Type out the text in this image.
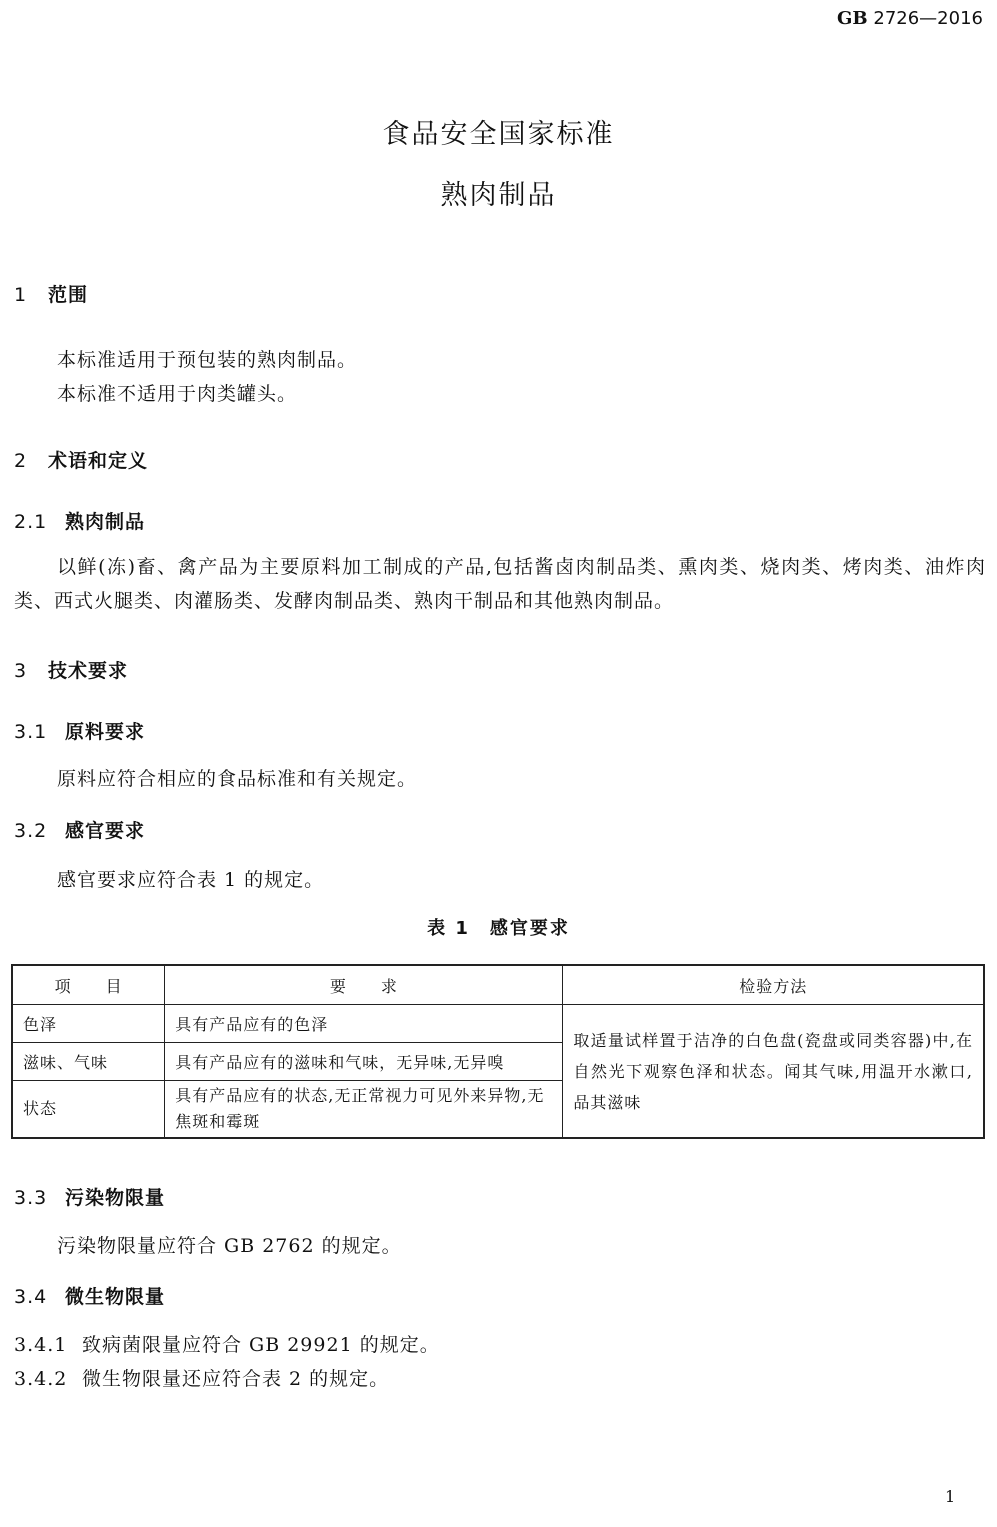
GB 2726—2016
食品安全国家标准
熟肉制品
1 范围
本标准适用于预包装的熟肉制品。
本标准不适用于肉类罐头。
2 术语和定义
2.1 熟肉制品
以鲜(冻)畜、禽产品为主要原料加工制成的产品,包括酱卤肉制品类、熏肉类、烧肉类、烤肉类、油炸肉类、西式火腿类、肉灌肠类、发酵肉制品类、熟肉干制品和其他熟肉制品。
3 技术要求
3.1 原料要求
原料应符合相应的食品标准和有关规定。
3.2 感官要求
感官要求应符合表 1 的规定。
表 1　感官要求
项　　目	要　　求	检验方法
色泽	具有产品应有的色泽	取适量试样置于洁净的白色盘(瓷盘或同类容器)中,在自然光下观察色泽和状态。闻其气味,用温开水漱口,品其滋味
滋味、气味	具有产品应有的滋味和气味，无异味,无异嗅	
状态	具有产品应有的状态,无正常视力可见外来异物,无焦斑和霉斑	
3.3 污染物限量
污染物限量应符合 GB 2762 的规定。
3.4 微生物限量
3.4.1 致病菌限量应符合 GB 29921 的规定。
3.4.2 微生物限量还应符合表 2 的规定。
1
